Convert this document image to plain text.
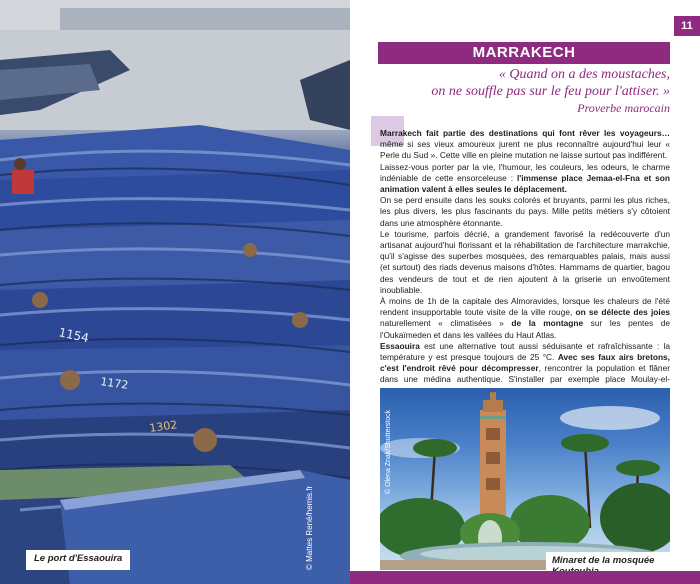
1154
1172
1302
© Mattes René/hemis.fr
Le port d'Essaouira
11
MARRAKECH
« Quand on a des moustaches,
on ne souffle pas sur le feu pour l'attiser. »
Proverbe marocain

Marrakech fait partie des destinations qui font rêver les voyageurs… même si ses vieux amoureux jurent ne plus reconnaître aujourd'hui leur « Perle du Sud ». Cette ville en pleine mutation ne laisse surtout pas indifférent.

Laissez-vous porter par la vie, l'humour, les couleurs, les odeurs, le charme indéniable de cette ensorceleuse : l'immense place Jemaa-el-Fna et son animation valent à elles seules le déplacement.

On se perd ensuite dans les souks colorés et bruyants, parmi les plus riches, les plus divers, les plus fascinants du pays. Mille petits métiers s'y côtoient dans une atmosphère étonnante.

Le tourisme, parfois décrié, a grandement favorisé la redécouverte d'un artisanat aujourd'hui florissant et la réhabilitation de l'architecture marrakchie, qu'il s'agisse des superbes mosquées, des remarquables palais, mais aussi (et surtout) des riads devenus maisons d'hôtes. Hammams de quartier, bagou des vendeurs de tout et de rien ajoutent à la griserie un envoûtement inoubliable.

À moins de 1h de la capitale des Almoravides, lorsque les chaleurs de l'été rendent insupportable toute visite de la ville rouge, on se délecte des joies naturellement « climatisées » de la montagne sur les pentes de l'Oukaïmeden et dans les vallées du Haut Atlas.

Essaouira est une alternative tout aussi séduisante et rafraîchissante : la température y est presque toujours de 25 °C. Avec ses faux airs bretons, c'est l'endroit rêvé pour décompresser, rencontrer la population et flâner dans une médina authentique. S'installer par exemple place Moulay-el-

© Olena Znak/Shutterstock
Minaret de la mosquée
